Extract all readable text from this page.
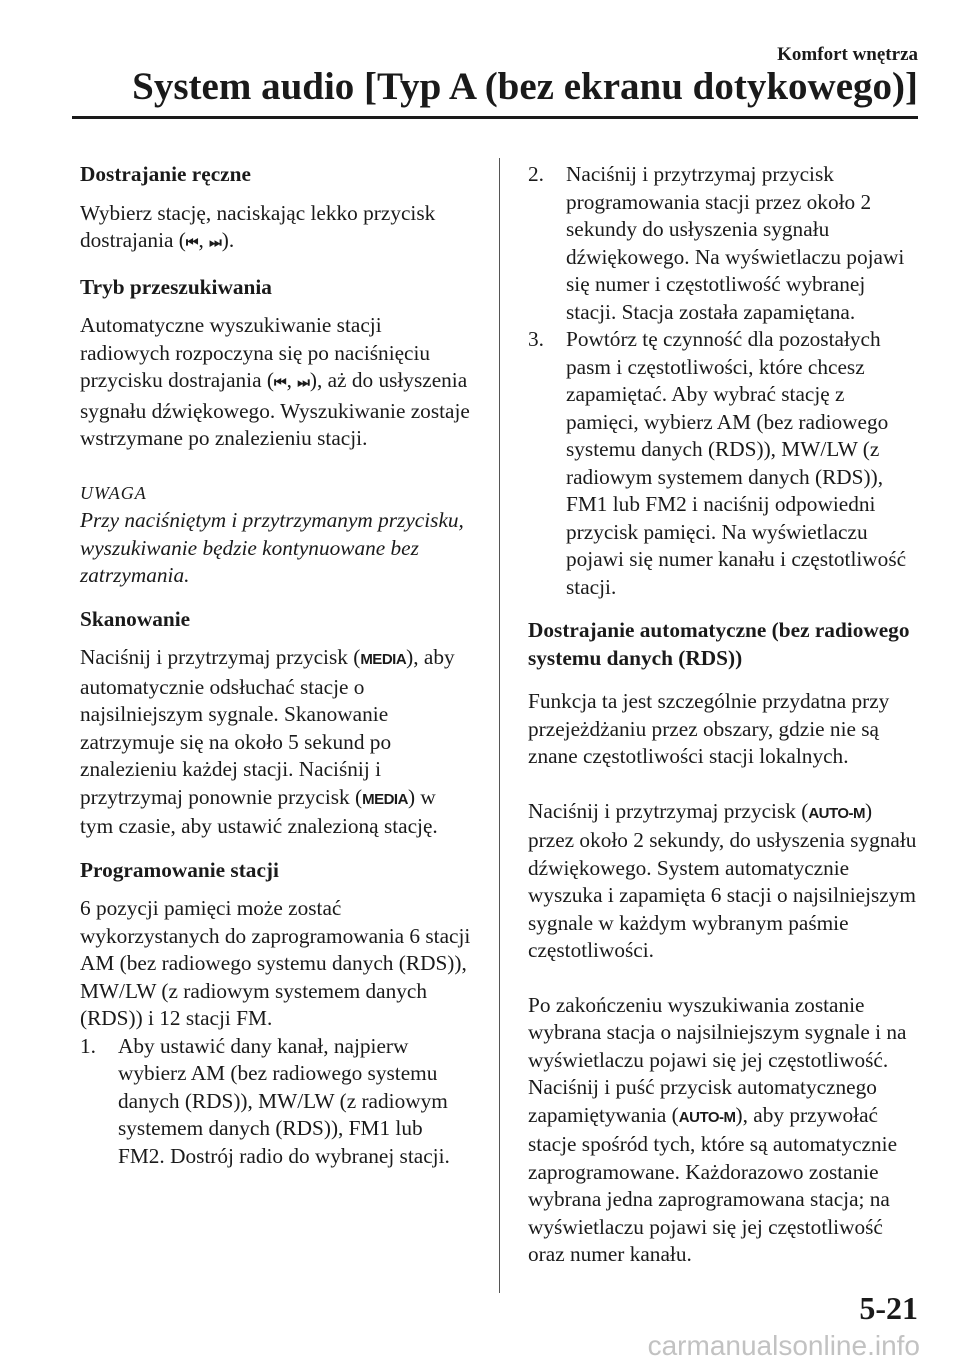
Komfort wnętrza
System audio [Typ A (bez ekranu dotykowego)]
Dostrajanie ręczne

Wybierz stację, naciskając lekko przycisk dostrajania (⏮ , ⏭ ).

Tryb przeszukiwania

Automatyczne wyszukiwanie stacji radiowych rozpoczyna się po naciśnięciu przycisku dostrajania (⏮ , ⏭ ), aż do usłyszenia sygnału dźwiękowego. Wyszukiwanie zostaje wstrzymane po znalezieniu stacji.

UWAGA

Przy naciśniętym i przytrzymanym przycisku, wyszukiwanie będzie kontynuowane bez zatrzymania.

Skanowanie

Naciśnij i przytrzymaj przycisk (MEDIA), aby automatycznie odsłuchać stacje o najsilniejszym sygnale. Skanowanie zatrzymuje się na około 5 sekund po znalezieniu każdej stacji. Naciśnij i przytrzymaj ponownie przycisk (MEDIA) w tym czasie, aby ustawić znalezioną stację.

Programowanie stacji

6 pozycji pamięci może zostać wykorzystanych do zaprogramowania 6 stacji AM (bez radiowego systemu danych (RDS)), MW/LW (z radiowym systemem danych (RDS)) i 12 stacji FM.

1. Aby ustawić dany kanał, najpierw wybierz AM (bez radiowego systemu danych (RDS)), MW/LW (z radiowym systemem danych (RDS)), FM1 lub FM2. Dostrój radio do wybranej stacji.
2. Naciśnij i przytrzymaj przycisk programowania stacji przez około 2 sekundy do usłyszenia sygnału dźwiękowego. Na wyświetlaczu pojawi się numer i częstotliwość wybranej stacji. Stacja została zapamiętana.
3. Powtórz tę czynność dla pozostałych pasm i częstotliwości, które chcesz zapamiętać. Aby wybrać stację z pamięci, wybierz AM (bez radiowego systemu danych (RDS)), MW/LW (z radiowym systemem danych (RDS)), FM1 lub FM2 i naciśnij odpowiedni przycisk pamięci. Na wyświetlaczu pojawi się numer kanału i częstotliwość stacji.
Dostrajanie automatyczne (bez radiowego systemu danych (RDS))

Funkcja ta jest szczególnie przydatna przy przejeżdżaniu przez obszary, gdzie nie są znane częstotliwości stacji lokalnych.

Naciśnij i przytrzymaj przycisk (AUTO-M) przez około 2 sekundy, do usłyszenia sygnału dźwiękowego. System automatycznie wyszuka i zapamięta 6 stacji o najsilniejszym sygnale w każdym wybranym paśmie częstotliwości.

Po zakończeniu wyszukiwania zostanie wybrana stacja o najsilniejszym sygnale i na wyświetlaczu pojawi się jej częstotliwość. Naciśnij i puść przycisk automatycznego zapamiętywania (AUTO-M), aby przywołać stacje spośród tych, które są automatycznie zaprogramowane. Każdorazowo zostanie wybrana jedna zaprogramowana stacja; na wyświetlaczu pojawi się jej częstotliwość oraz numer kanału.

5-21
carmanualsonline.info
